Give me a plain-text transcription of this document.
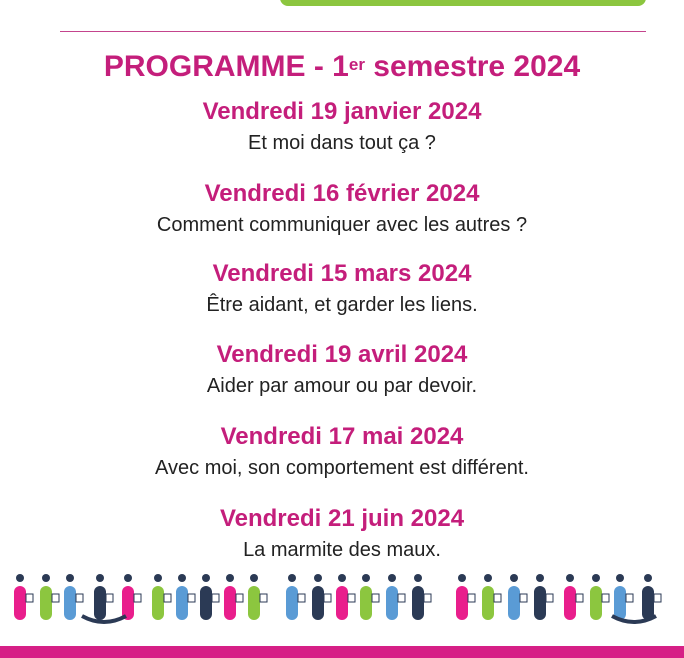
PROGRAMME - 1er semestre 2024
Vendredi 19 janvier 2024
Et moi dans tout ça ?
Vendredi 16 février 2024
Comment communiquer avec les autres ?
Vendredi 15 mars 2024
Être aidant, et garder les liens.
Vendredi 19 avril 2024
Aider par amour ou par devoir.
Vendredi 17 mai 2024
Avec moi, son comportement est différent.
Vendredi 21 juin 2024
La marmite des maux.
